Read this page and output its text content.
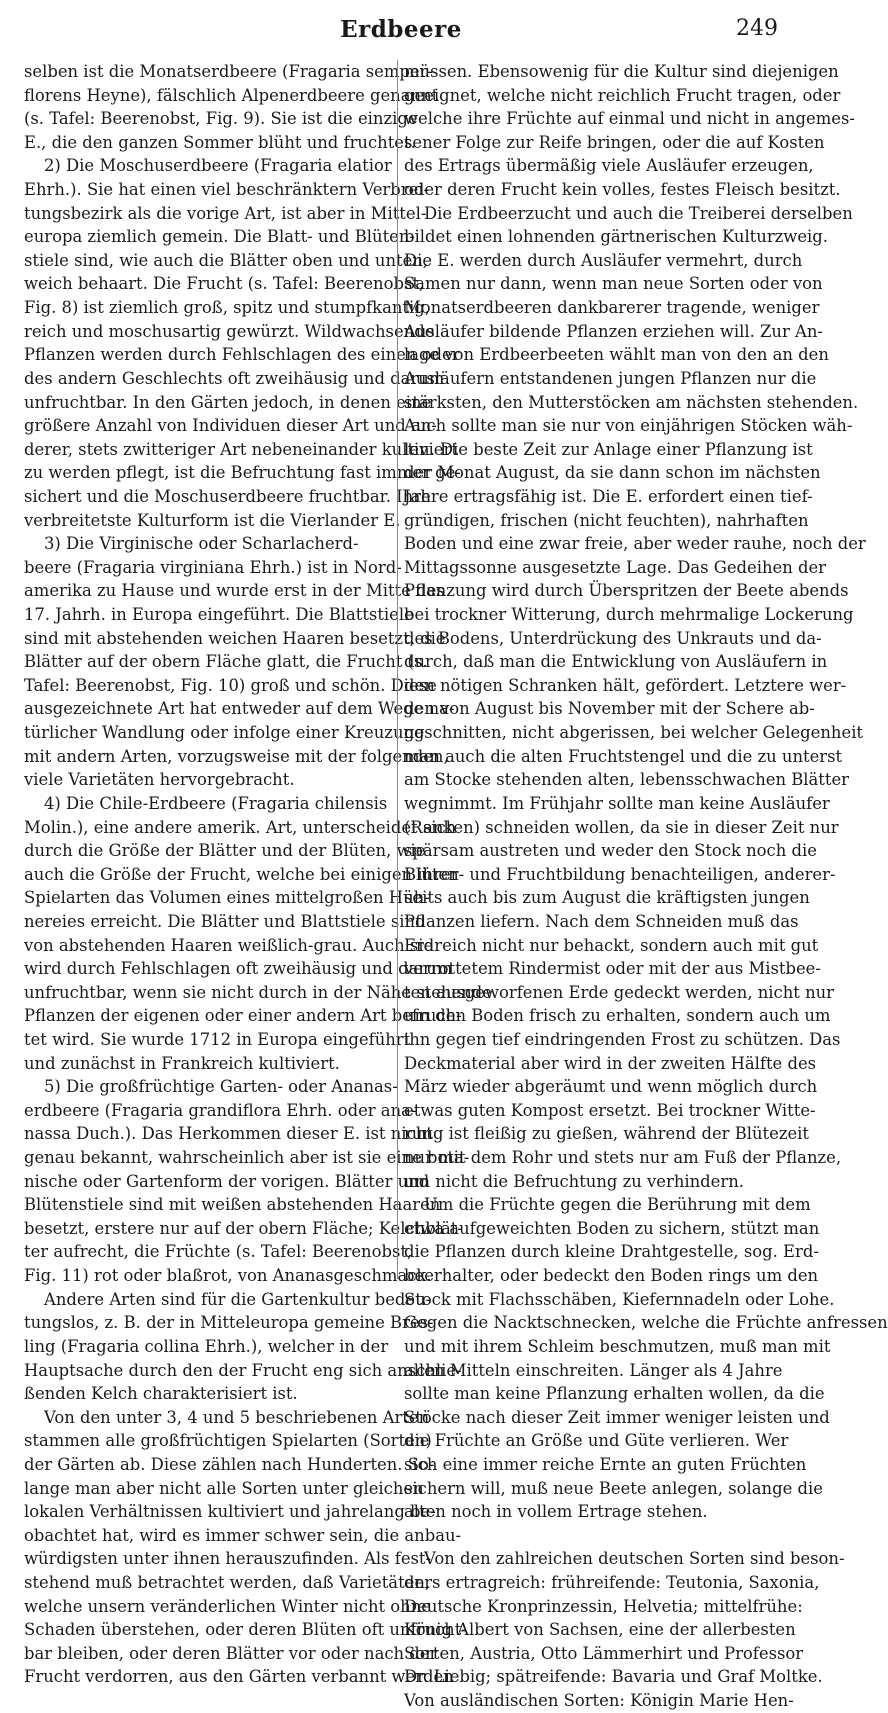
Erdbeere	249
selben ist die Monatserdbeere (Fragaria semper-
florens Heyne), fälschlich Alpenerdbeere genannt
(s. Tafel: Beerenobst, Fig. 9). Sie ist die einzige
E., die den ganzen Sommer blüht und fruchtet.
2) Die Moschuserdbeere (Fragaria elatior
Ehrh.). Sie hat einen viel beschränktern Verbrei-
tungsbezirk als die vorige Art, ist aber in Mittel-
europa ziemlich gemein. Die Blatt- und Blüten-
stiele sind, wie auch die Blätter oben und unten,
weich behaart. Die Frucht (s. Tafel: Beerenobst,
Fig. 8) ist ziemlich groß, spitz und stumpfkantig,
reich und moschusartig gewürzt. Wildwachsende
Pflanzen werden durch Fehlschlagen des einen oder
des andern Geschlechts oft zweihäusig und darum
unfruchtbar. In den Gärten jedoch, in denen eine
größere Anzahl von Individuen dieser Art und an-
derer, stets zwitteriger Art nebeneinander kultiviert
zu werden pflegt, ist die Befruchtung fast immer ge-
sichert und die Moschuserdbeere fruchtbar. Ihre
verbreitetste Kulturform ist die Vierlander E.
3) Die Virginische oder Scharlacherd-
beere (Fragaria virginiana Ehrh.) ist in Nord-
amerika zu Hause und wurde erst in der Mitte des
17. Jahrh. in Europa eingeführt. Die Blattstiele
sind mit abstehenden weichen Haaren besetzt, die
Blätter auf der obern Fläche glatt, die Frucht (s.
Tafel: Beerenobst, Fig. 10) groß und schön. Diese
ausgezeichnete Art hat entweder auf dem Wege na-
türlicher Wandlung oder infolge einer Kreuzung
mit andern Arten, vorzugsweise mit der folgenden,
viele Varietäten hervorgebracht.
4) Die Chile-Erdbeere (Fragaria chilensis
Molin.), eine andere amerik. Art, unterscheidet sich
durch die Größe der Blätter und der Blüten, wie
auch die Größe der Frucht, welche bei einigen ihrer
Spielarten das Volumen eines mittelgroßen Hüh-
nereies erreicht. Die Blätter und Blattstiele sind
von abstehenden Haaren weißlich-grau. Auch sie
wird durch Fehlschlagen oft zweihäusig und darum
unfruchtbar, wenn sie nicht durch in der Nähe stehende
Pflanzen der eigenen oder einer andern Art befruch-
tet wird. Sie wurde 1712 in Europa eingeführt
und zunächst in Frankreich kultiviert.
5) Die großfrüchtige Garten- oder Ananas-
erdbeere (Fragaria grandiflora Ehrh. oder ana-
nassa Duch.). Das Herkommen dieser E. ist nicht
genau bekannt, wahrscheinlich aber ist sie eine bota-
nische oder Gartenform der vorigen. Blätter und
Blütenstiele sind mit weißen abstehenden Haaren
besetzt, erstere nur auf der obern Fläche; Kelchblät-
ter aufrecht, die Früchte (s. Tafel: Beerenobst,
Fig. 11) rot oder blaßrot, von Ananasgeschmack.
Andere Arten sind für die Gartenkultur bedeu-
tungslos, z. B. der in Mitteleuropa gemeine Bres-
ling (Fragaria collina Ehrh.), welcher in der
Hauptsache durch den der Frucht eng sich anschlie-
ßenden Kelch charakterisiert ist.
Von den unter 3, 4 und 5 beschriebenen Arten
stammen alle großfrüchtigen Spielarten (Sorten)
der Gärten ab. Diese zählen nach Hunderten. So-
lange man aber nicht alle Sorten unter gleichen
lokalen Verhältnissen kultiviert und jahrelang be-
obachtet hat, wird es immer schwer sein, die anbau-
würdigsten unter ihnen herauszufinden. Als fest-
stehend muß betrachtet werden, daß Varietäten,
welche unsern veränderlichen Winter nicht ohne
Schaden überstehen, oder deren Blüten oft unfrucht-
bar bleiben, oder deren Blätter vor oder nach der
Frucht verdorren, aus den Gärten verbannt werden
müssen. Ebensowenig für die Kultur sind diejenigen
geeignet, welche nicht reichlich Frucht tragen, oder
welche ihre Früchte auf einmal und nicht in angemes-
sener Folge zur Reife bringen, oder die auf Kosten
des Ertrags übermäßig viele Ausläufer erzeugen,
oder deren Frucht kein volles, festes Fleisch besitzt.
Die Erdbeerzucht und auch die Treiberei derselben
bildet einen lohnenden gärtnerischen Kulturzweig.
Die E. werden durch Ausläufer vermehrt, durch
Samen nur dann, wenn man neue Sorten oder von
Monatserdbeeren dankbarerer tragende, weniger
Ausläufer bildende Pflanzen erziehen will. Zur An-
lage von Erdbeerbeeten wählt man von den an den
Ausläufern entstandenen jungen Pflanzen nur die
stärksten, den Mutterstöcken am nächsten stehenden.
Auch sollte man sie nur von einjährigen Stöcken wäh-
len. Die beste Zeit zur Anlage einer Pflanzung ist
der Monat August, da sie dann schon im nächsten
Jahre ertragsfähig ist. Die E. erfordert einen tief-
gründigen, frischen (nicht feuchten), nahrhaften
Boden und eine zwar freie, aber weder rauhe, noch der
Mittagssonne ausgesetzte Lage. Das Gedeihen der
Pflanzung wird durch Überspritzen der Beete abends
bei trockner Witterung, durch mehrmalige Lockerung
des Bodens, Unterdrückung des Unkrauts und da-
durch, daß man die Entwicklung von Ausläufern in
den nötigen Schranken hält, gefördert. Letztere wer-
den von August bis November mit der Schere ab-
geschnitten, nicht abgerissen, bei welcher Gelegenheit
man auch die alten Fruchtstengel und die zu unterst
am Stocke stehenden alten, lebensschwachen Blätter
wegnimmt. Im Frühjahr sollte man keine Ausläufer
(Ranken) schneiden wollen, da sie in dieser Zeit nur
spärsam austreten und weder den Stock noch die
Blüten- und Fruchtbildung benachteiligen, anderer-
seits auch bis zum August die kräftigsten jungen
Pflanzen liefern. Nach dem Schneiden muß das
Erdreich nicht nur behackt, sondern auch mit gut
verrottetem Rindermist oder mit der aus Mistbee-
ten ausgeworfenen Erde gedeckt werden, nicht nur
um den Boden frisch zu erhalten, sondern auch um
ihn gegen tief eindringenden Frost zu schützen. Das
Deckmaterial aber wird in der zweiten Hälfte des
März wieder abgeräumt und wenn möglich durch
etwas guten Kompost ersetzt. Bei trockner Witte-
rung ist fleißig zu gießen, während der Blütezeit
nur mit dem Rohr und stets nur am Fuß der Pflanze,
um nicht die Befruchtung zu verhindern.
Um die Früchte gegen die Berührung mit dem
etwa aufgeweichten Boden zu sichern, stützt man
die Pflanzen durch kleine Drahtgestelle, sog. Erd-
beerhalter, oder bedeckt den Boden rings um den
Stock mit Flachsschäben, Kiefernnadeln oder Lohe.
Gegen die Nacktschnecken, welche die Früchte anfressen
und mit ihrem Schleim beschmutzen, muß man mit
allen Mitteln einschreiten. Länger als 4 Jahre
sollte man keine Pflanzung erhalten wollen, da die
Stöcke nach dieser Zeit immer weniger leisten und
die Früchte an Größe und Güte verlieren. Wer
sich eine immer reiche Ernte an guten Früchten
sichern will, muß neue Beete anlegen, solange die
alten noch in vollem Ertrage stehen.
Von den zahlreichen deutschen Sorten sind beson-
ders ertragreich: frühreifende: Teutonia, Saxonia,
Deutsche Kronprinzessin, Helvetia; mittelfrühe:
König Albert von Sachsen, eine der allerbesten
Sorten, Austria, Otto Lämmerhirt und Professor
Dr. Liebig; spätreifende: Bavaria und Graf Moltke.
Von ausländischen Sorten: Königin Marie Hen-
